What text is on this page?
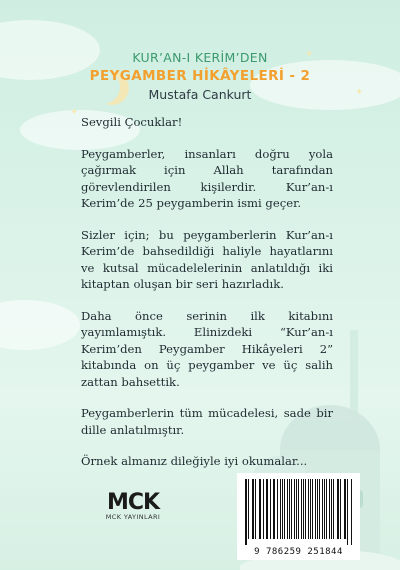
✦
✦
✦
KUR’AN-I KERİM’DEN
PEYGAMBER HİKÂYELERİ - 2
Mustafa Cankurt

Sevgili Çocuklar!

Peygamberler, insanları doğru yola çağırmak için Allah tarafından görevlendirilen kişilerdir. Kur’an-ı Kerim’de 25 peygamberin ismi geçer.

Sizler için; bu peygamberlerin Kur’an-ı Kerim’de bahsedildiği haliyle hayatlarını ve kutsal mücadelelerinin anlatıldığı iki kitaptan oluşan bir seri hazırladık.

Daha önce serinin ilk kitabını yayımlamıştık. Elinizdeki “Kur’an-ı Kerim’den Peygamber Hikâyeleri 2” kitabında on üç peygamber ve üç salih zattan bahsettik.

Peygamberlerin tüm mücadelesi, sade bir dille anlatılmıştır.

Örnek almanız dileğiyle iyi okumalar...

MCK
MCK YAYINLARI
9 786259 251844
